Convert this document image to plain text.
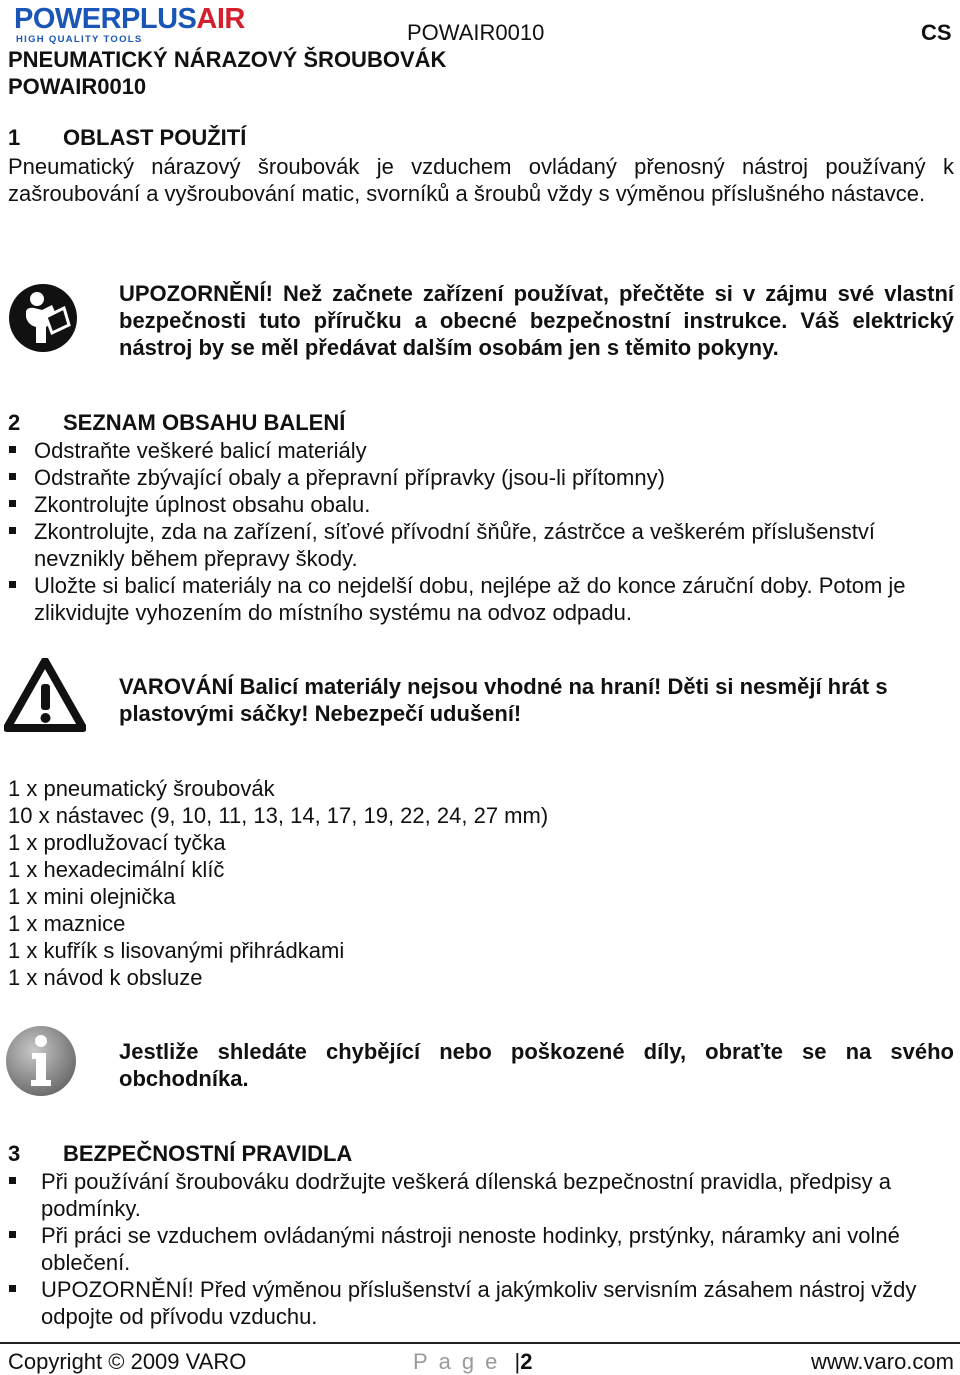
POWERPLUSAIR
HIGH QUALITY TOOLS	POWAIR0010	CS
PNEUMATICKÝ NÁRAZOVÝ ŠROUBOVÁK
POWAIR0010
1 OBLAST POUŽITÍ
Pneumatický nárazový šroubovák je vzduchem ovládaný přenosný nástroj používaný k zašroubování a vyšroubování matic, svorníků a šroubů vždy s výměnou příslušného nástavce.
UPOZORNĚNÍ! Než začnete zařízení používat, přečtěte si v zájmu své vlastní bezpečnosti tuto příručku a obecné bezpečnostní instrukce. Váš elektrický nástroj by se měl předávat dalším osobám jen s těmito pokyny.
2 SEZNAM OBSAHU BALENÍ
Odstraňte veškeré balicí materiály
Odstraňte zbývající obaly a přepravní přípravky (jsou-li přítomny)
Zkontrolujte úplnost obsahu obalu.
Zkontrolujte, zda na zařízení, síťové přívodní šňůře, zástrčce a veškerém příslušenství nevznikly během přepravy škody.
Uložte si balicí materiály na co nejdelší dobu, nejlépe až do konce záruční doby. Potom je zlikvidujte vyhozením do místního systému na odvoz odpadu.
VAROVÁNÍ Balicí materiály nejsou vhodné na hraní! Děti si nesmějí hrát s plastovými sáčky! Nebezpečí udušení!
1 x pneumatický šroubovák
10 x nástavec (9, 10, 11, 13, 14, 17, 19, 22, 24, 27 mm)
1 x prodlužovací tyčka
1 x hexadecimální klíč
1 x mini olejnička
1 x maznice
1 x kufřík s lisovanými přihrádkami
1 x návod k obsluze
Jestliže shledáte chybějící nebo poškozené díly, obraťte se na svého obchodníka.
3 BEZPEČNOSTNÍ PRAVIDLA
Při používání šroubováku dodržujte veškerá dílenská bezpečnostní pravidla, předpisy a podmínky.
Při práci se vzduchem ovládanými nástroji nenoste hodinky, prstýnky, náramky ani volné oblečení.
UPOZORNĚNÍ! Před výměnou příslušenství a jakýmkoliv servisním zásahem nástroj vždy odpojte od přívodu vzduchu.
Copyright © 2009 VARO	Page |2	www.varo.com
